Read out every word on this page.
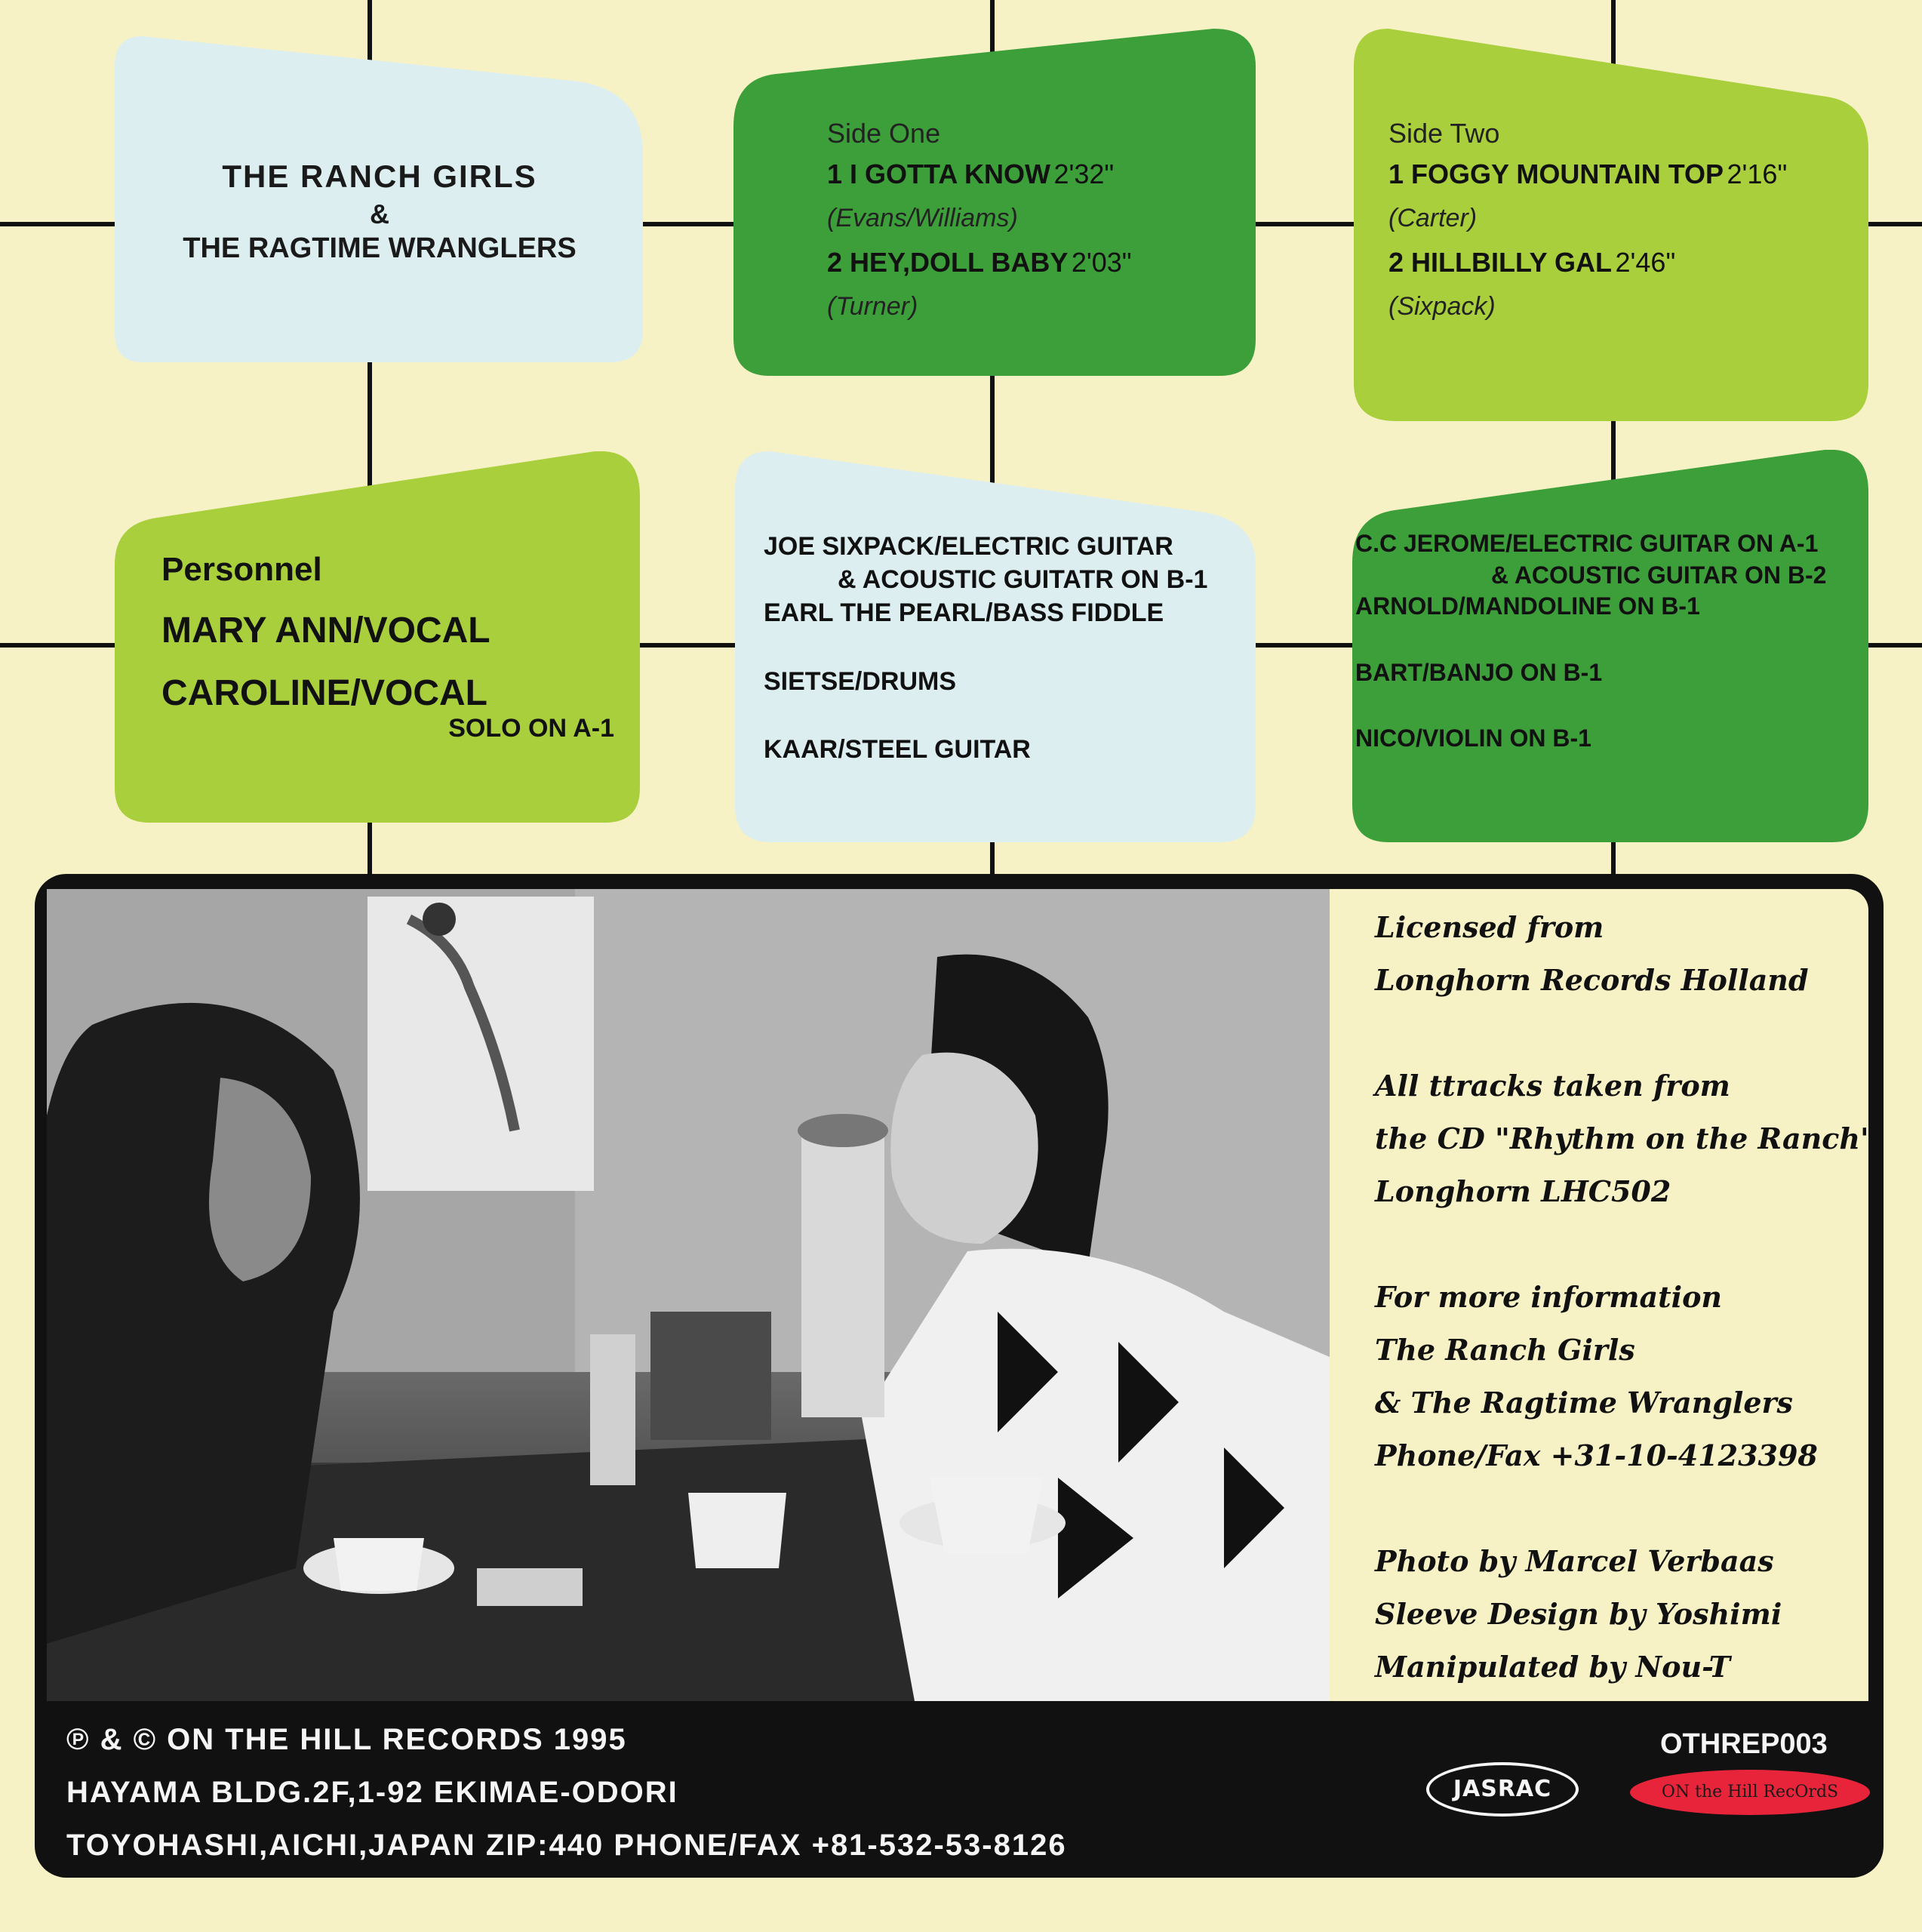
THE RANCH GIRLS
&
THE RAGTIME WRANGLERS
Side One
1 I GOTTA KNOW 2'32"
(Evans/Williams)
2 HEY,DOLL BABY 2'03"
(Turner)
Side Two
1 FOGGY MOUNTAIN TOP 2'16"
(Carter)
2 HILLBILLY GAL 2'46"
(Sixpack)
Personnel
MARY ANN/VOCAL
CAROLINE/VOCAL
SOLO ON A-1
JOE SIXPACK/ELECTRIC GUITAR
& ACOUSTIC GUITATR ON B-1
EARL THE PEARL/BASS FIDDLE
SIETSE/DRUMS
KAAR/STEEL GUITAR
C.C JEROME/ELECTRIC GUITAR ON A-1
& ACOUSTIC GUITAR ON B-2
ARNOLD/MANDOLINE ON B-1
BART/BANJO ON B-1
NICO/VIOLIN ON B-1
Licensed from
Longhorn Records Holland
All ttracks taken from
the CD "Rhythm on the Ranch"
Longhorn LHC502
For more information
The Ranch Girls
& The Ragtime Wranglers
Phone/Fax +31-10-4123398
Photo by Marcel Verbaas
Sleeve Design by Yoshimi
Manipulated by Nou-T
℗ & © ON THE HILL RECORDS 1995
HAYAMA BLDG.2F,1-92 EKIMAE-ODORI
TOYOHASHI,AICHI,JAPAN ZIP:440 PHONE/FAX +81-532-53-8126
OTHREP003
JASRAC	ON the Hill RecOrdS
